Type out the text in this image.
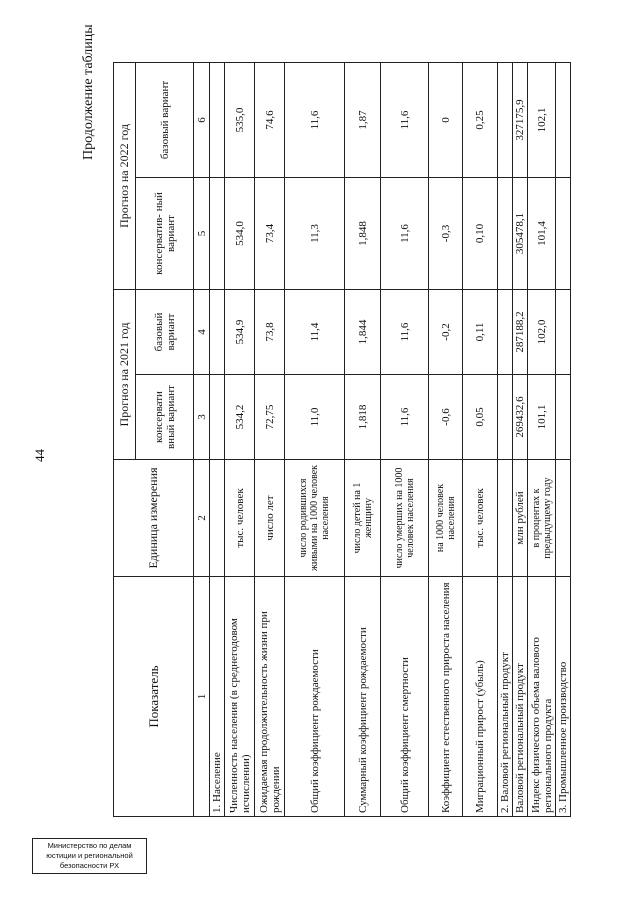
44
Продолжение таблицы
Министерство по делам
юстиции и региональной
безопасности РХ
Показатель	Единица измерения	Прогноз на 2021 год		Прогноз на 2022 год	
		консервати вный вариант	базовый вариант	консерватив- ный вариант	базовый вариант
1	2	3	4	5	6
1. Население					
Численность населения (в среднегодовом исчислении)	тыс. человек	534,2	534,9	534,0	535,0
Ожидаемая продолжительность жизни при рождении	число лет	72,75	73,8	73,4	74,6
Общий коэффициент рождаемости	число родившихся живыми на 1000 человек населения	11,0	11,4	11,3	11,6
Суммарный коэффициент рождаемости	число детей на 1 женщину	1,818	1,844	1,848	1,87
Общий коэффициент смертности	число умерших на 1000 человек населения	11,6	11,6	11,6	11,6
Коэффициент естественного прироста населения	на 1000 человек населения	-0,6	-0,2	-0,3	0
Миграционный прирост (убыль)	тыс. человек	0,05	0,11	0,10	0,25
2. Валовой региональный продукт					
Валовой региональный продукт	млн рублей	269432,6	287188,2	305478,1	327175,9
Индекс физического объема валового регионального продукта	в процентах к предыдущему году	101,1	102,0	101,4	102,1
3. Промышленное производство					
